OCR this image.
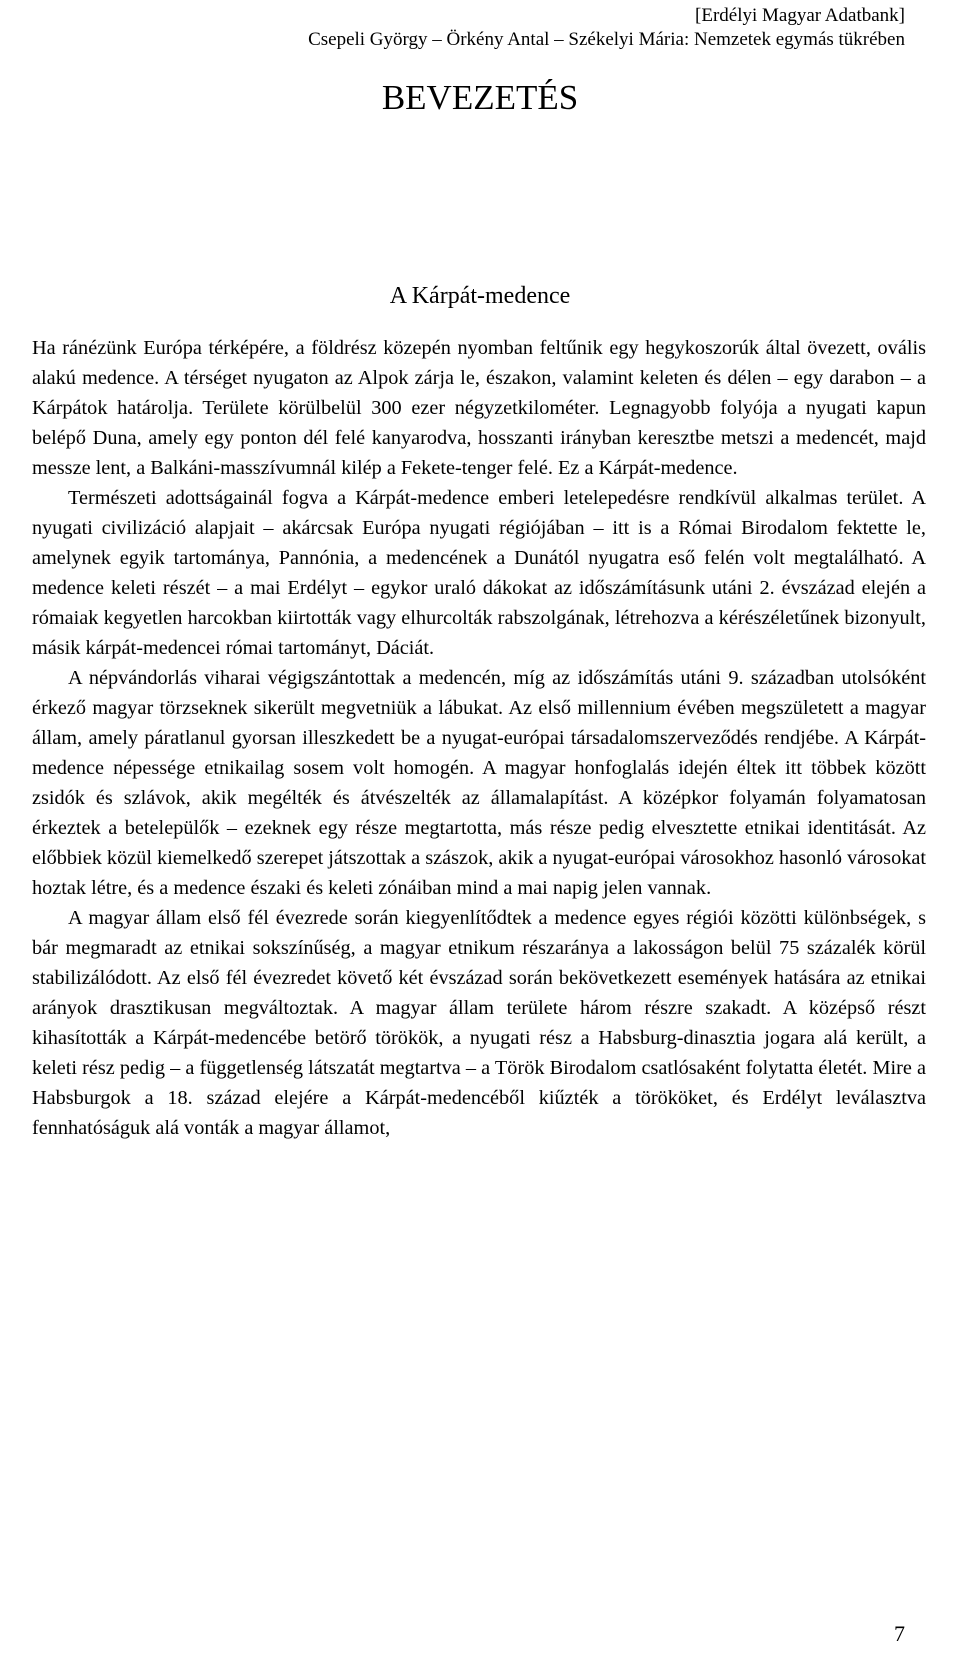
[Erdélyi Magyar Adatbank]
Csepeli György – Örkény Antal – Székelyi Mária: Nemzetek egymás tükrében
BEVEZETÉS
A Kárpát-medence

Ha ránézünk Európa térképére, a földrész közepén nyomban feltűnik egy hegykoszorúk által övezett, ovális alakú medence. A térséget nyugaton az Alpok zárja le, északon, valamint keleten és délen – egy darabon – a Kárpátok határolja. Területe körülbelül 300 ezer négyzetkilométer. Legnagyobb folyója a nyugati kapun belépő Duna, amely egy ponton dél felé kanyarodva, hosszanti irányban keresztbe metszi a medencét, majd messze lent, a Balkáni-masszívumnál kilép a Fekete-tenger felé. Ez a Kárpát-medence.

Természeti adottságainál fogva a Kárpát-medence emberi letelepedésre rendkívül alkalmas terület. A nyugati civilizáció alapjait – akárcsak Európa nyugati régiójában – itt is a Római Birodalom fektette le, amelynek egyik tartománya, Pannónia, a medencének a Dunától nyugatra eső felén volt megtalálható. A medence keleti részét – a mai Erdélyt – egykor uraló dákokat az időszámításunk utáni 2. évszázad elején a rómaiak kegyetlen harcokban kiirtották vagy elhurcolták rabszolgának, létrehozva a kérészéletűnek bizonyult, másik kárpát-medencei római tartományt, Dáciát.

A népvándorlás viharai végigszántottak a medencén, míg az időszámítás utáni 9. században utolsóként érkező magyar törzseknek sikerült megvetniük a lábukat. Az első millennium évében megszületett a magyar állam, amely páratlanul gyorsan illeszkedett be a nyugat-európai társadalomszerveződés rendjébe. A Kárpát-medence népessége etnikailag sosem volt homogén. A magyar honfoglalás idején éltek itt többek között zsidók és szlávok, akik megélték és átvészelték az államalapítást. A középkor folyamán folyamatosan érkeztek a betelepülők – ezeknek egy része megtartotta, más része pedig elvesztette etnikai identitását. Az előbbiek közül kiemelkedő szerepet játszottak a szászok, akik a nyugat-európai városokhoz hasonló városokat hoztak létre, és a medence északi és keleti zónáiban mind a mai napig jelen vannak.

A magyar állam első fél évezrede során kiegyenlítődtek a medence egyes régiói közötti különbségek, s bár megmaradt az etnikai sokszínűség, a magyar etnikum részaránya a lakosságon belül 75 százalék körül stabilizálódott. Az első fél évezredet követő két évszázad során bekövetkezett események hatására az etnikai arányok drasztikusan megváltoztak. A magyar állam területe három részre szakadt. A középső részt kihasították a Kárpát-medencébe betörő törökök, a nyugati rész a Habsburg-dinasztia jogara alá került, a keleti rész pedig – a függetlenség látszatát megtartva – a Török Birodalom csatlósaként folytatta életét. Mire a Habsburgok a 18. század elejére a Kárpát-medencéből kiűzték a törököket, és Erdélyt leválasztva fennhatóságuk alá vonták a magyar államot,

7
